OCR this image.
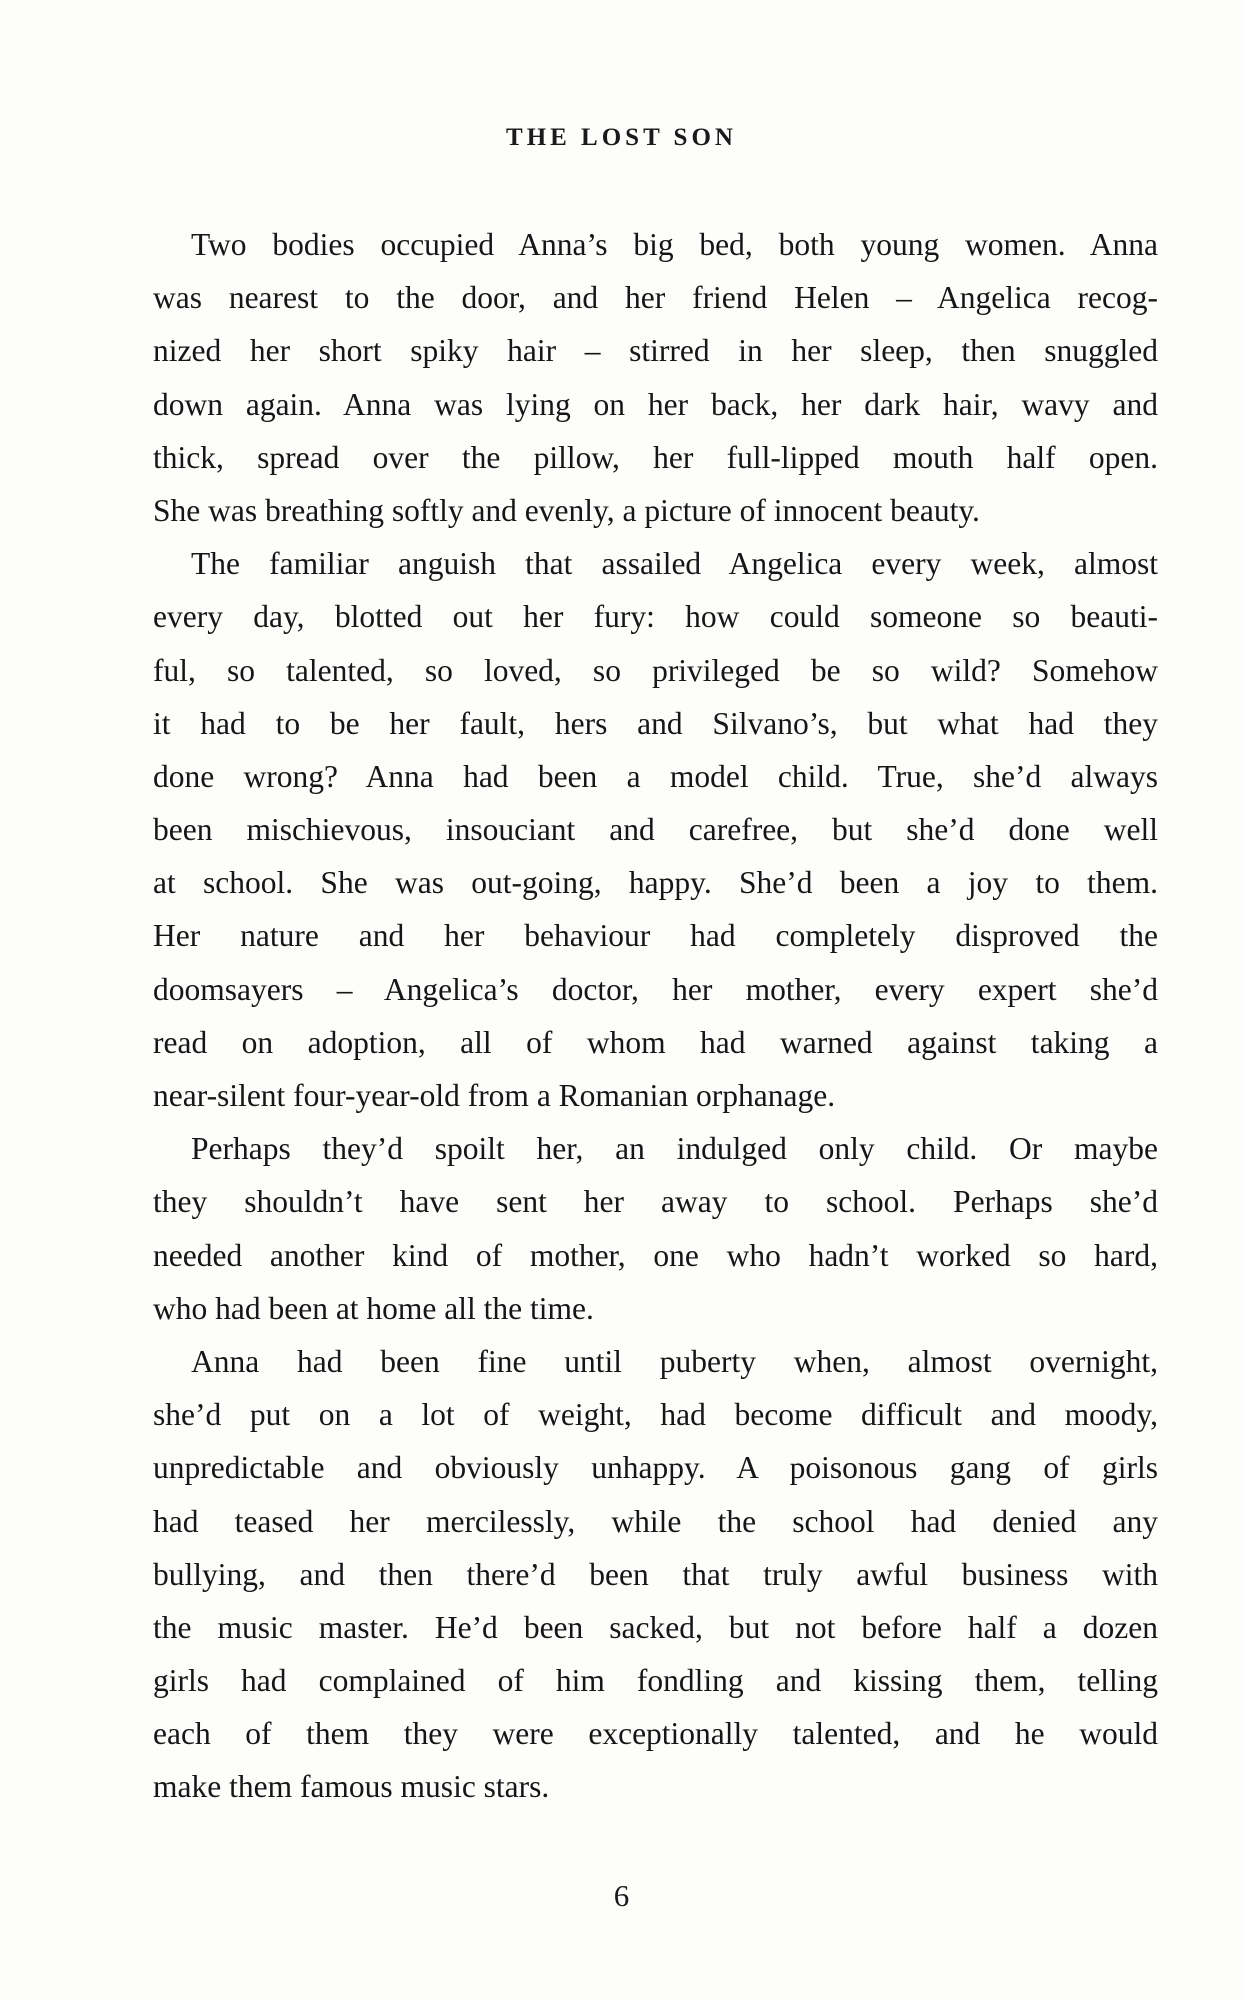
THE LOST SON
Two bodies occupied Anna’s big bed, both young women. Anna
was nearest to the door, and her friend Helen – Angelica recog-
nized her short spiky hair – stirred in her sleep, then snuggled
down again. Anna was lying on her back, her dark hair, wavy and
thick, spread over the pillow, her full-lipped mouth half open.
She was breathing softly and evenly, a picture of innocent beauty.
The familiar anguish that assailed Angelica every week, almost
every day, blotted out her fury: how could someone so beauti-
ful, so talented, so loved, so privileged be so wild? Somehow
it had to be her fault, hers and Silvano’s, but what had they
done wrong? Anna had been a model child. True, she’d always
been mischievous, insouciant and carefree, but she’d done well
at school. She was out-going, happy. She’d been a joy to them.
Her nature and her behaviour had completely disproved the
doomsayers – Angelica’s doctor, her mother, every expert she’d
read on adoption, all of whom had warned against taking a
near-silent four-year-old from a Romanian orphanage.
Perhaps they’d spoilt her, an indulged only child. Or maybe
they shouldn’t have sent her away to school. Perhaps she’d
needed another kind of mother, one who hadn’t worked so hard,
who had been at home all the time.
Anna had been fine until puberty when, almost overnight,
she’d put on a lot of weight, had become difficult and moody,
unpredictable and obviously unhappy. A poisonous gang of girls
had teased her mercilessly, while the school had denied any
bullying, and then there’d been that truly awful business with
the music master. He’d been sacked, but not before half a dozen
girls had complained of him fondling and kissing them, telling
each of them they were exceptionally talented, and he would
make them famous music stars.
6
